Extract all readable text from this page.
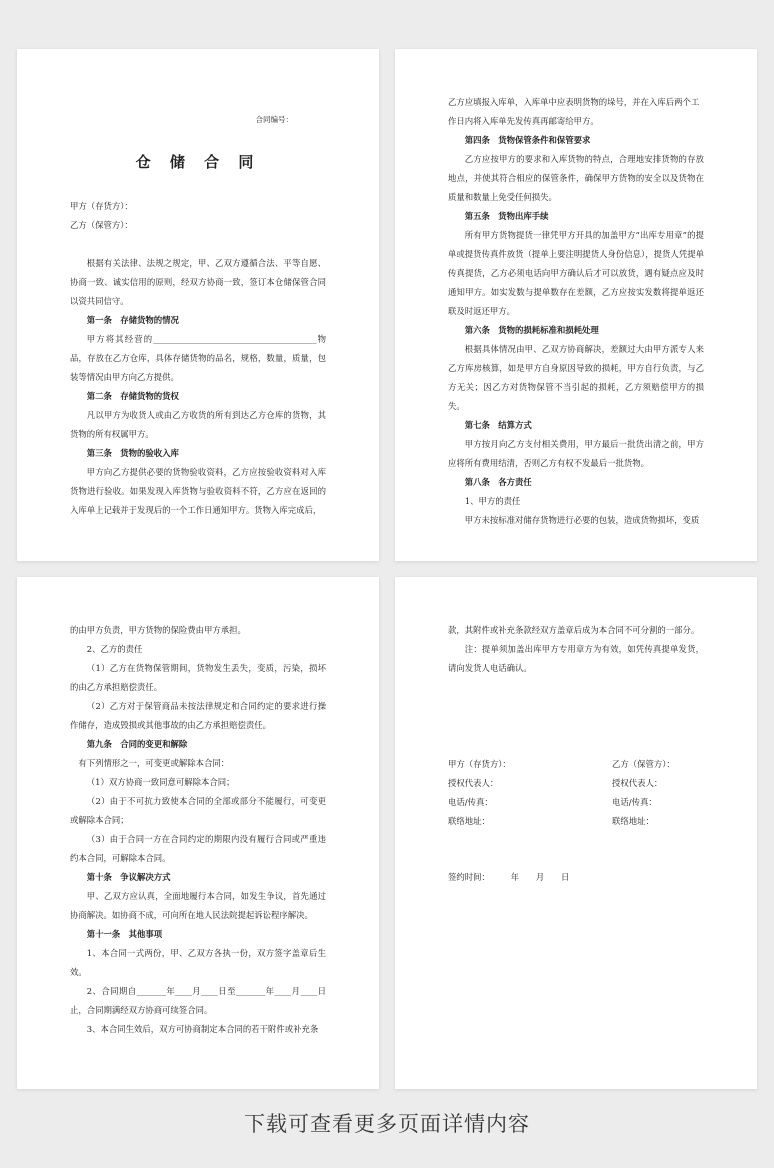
合同编号：
仓 储 合 同
甲方（存货方）：
乙方（保管方）：
根据有关法律、法规之规定，甲、乙双方遵循合法、平等自愿、协商一致、诚实信用的原则，经双方协商一致，签订本仓储保管合同以资共同信守。
第一条　存储货物的情况
甲方将其经营的_______________________________________物品，存放在乙方仓库，具体存储货物的品名，规格，数量，质量，包装等情况由甲方向乙方提供。
第二条　存储货物的货权
凡以甲方为收货人或由乙方收货的所有到达乙方仓库的货物，其货物的所有权属甲方。
第三条　货物的验收入库
甲方向乙方提供必要的货物验收资料，乙方应按验收资料对入库货物进行验收。如果发现入库货物与验收资料不符，乙方应在返回的入库单上记载并于发现后的一个工作日通知甲方。货物入库完成后，
乙方应填报入库单，入库单中应表明货物的垛号，并在入库后两个工作日内将入库单先发传真再邮寄给甲方。
第四条　货物保管条件和保管要求
乙方应按甲方的要求和入库货物的特点，合理地安排货物的存放地点，并使其符合相应的保管条件，确保甲方货物的安全以及货物在质量和数量上免受任何损失。
第五条　货物出库手续
所有甲方货物提货一律凭甲方开具的加盖甲方“出库专用章”的提单或提货传真件放货（提单上要注明提货人身份信息），提货人凭提单传真提货，乙方必须电话向甲方确认后才可以放货，遇有疑点应及时通知甲方。如实发数与提单数存在差额，乙方应按实发数将提单返还联及时返还甲方。
第六条　货物的损耗标准和损耗处理
根据具体情况由甲、乙双方协商解决，差额过大由甲方派专人来乙方库房核算，如是甲方自身原因导致的损耗，甲方自行负责，与乙方无关；因乙方对货物保管不当引起的损耗，乙方须赔偿甲方的损失。
第七条　结算方式
甲方按月向乙方支付相关费用，甲方最后一批货出清之前，甲方应将所有费用结清，否则乙方有权不发最后一批货物。
第八条　各方责任
1、甲方的责任
甲方未按标准对储存货物进行必要的包装，造成货物损坏，变质
的由甲方负责，甲方货物的保险费由甲方承担。
2、乙方的责任
（1）乙方在货物保管期间，货物发生丢失，变质，污染，损坏的由乙方承担赔偿责任。
（2）乙方对于保管商品未按法律规定和合同约定的要求进行操作储存，造成毁损或其他事故的由乙方承担赔偿责任。
第九条　合同的变更和解除
有下列情形之一，可变更或解除本合同：
（1）双方协商一致同意可解除本合同；
（2）由于不可抗力致使本合同的全部或部分不能履行，可变更或解除本合同；
（3）由于合同一方在合同约定的期限内没有履行合同或严重违约本合同，可解除本合同。
第十条　争议解决方式
甲、乙双方应认真，全面地履行本合同，如发生争议，首先通过协商解决。如协商不成，可向所在地人民法院提起诉讼程序解决。
第十一条　其他事项
1、本合同一式两份，甲、乙双方各执一份，双方签字盖章后生效。
2、合同期自_______年____月____日至_______年____月____日止，合同期满经双方协商可续签合同。
3、本合同生效后，双方可协商制定本合同的若干附件或补充条
款，其附件或补充条款经双方盖章后成为本合同不可分割的一部分。
注：提单须加盖出库甲方专用章方为有效，如凭传真提单发货，请向发货人电话确认。
甲方（存货方）：	乙方（保管方）：
授权代表人：	授权代表人：
电话/传真：	电话/传真：
联络地址：	联络地址：
签约时间：　　　年　　月　　日
下载可查看更多页面详情内容
